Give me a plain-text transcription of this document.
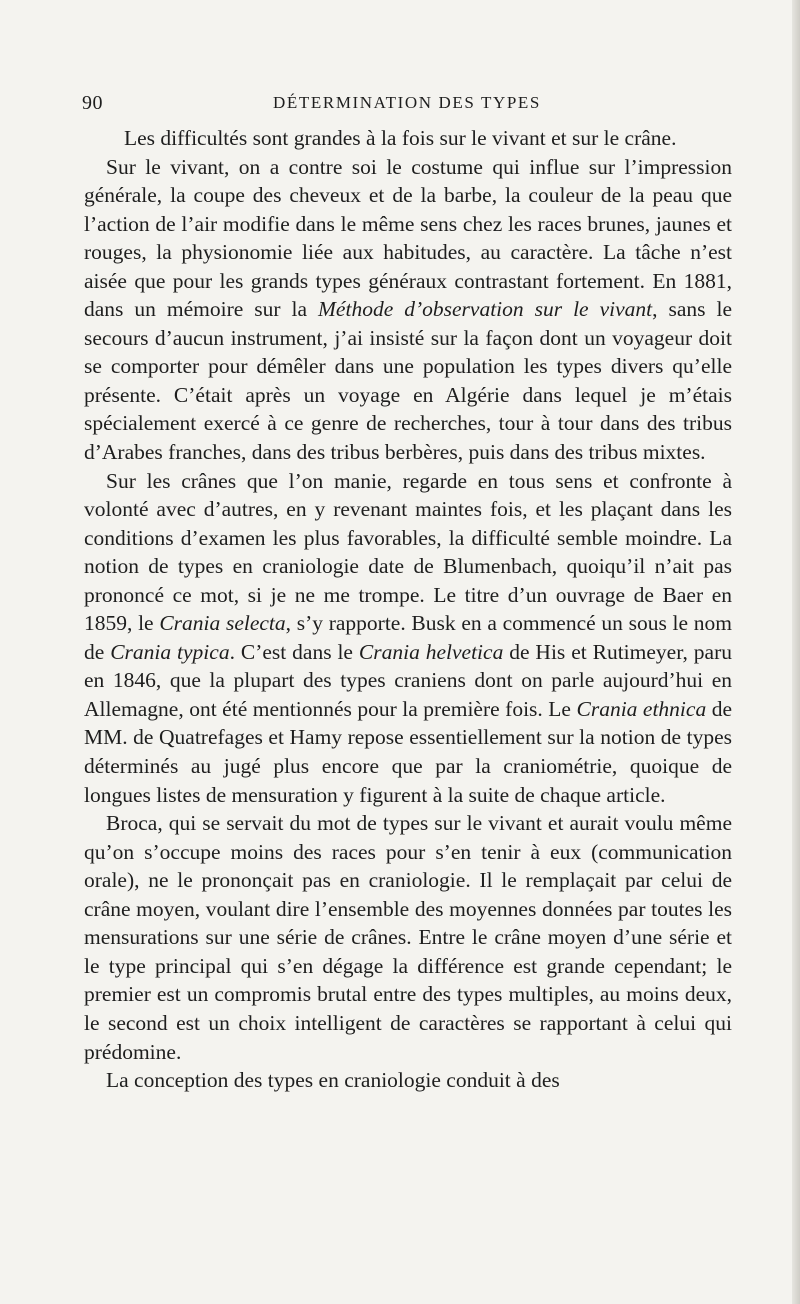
90	DÉTERMINATION DES TYPES

Les difficultés sont grandes à la fois sur le vivant et sur le crâne.

Sur le vivant, on a contre soi le costume qui influe sur l’impression générale, la coupe des cheveux et de la barbe, la couleur de la peau que l’action de l’air modifie dans le même sens chez les races brunes, jaunes et rouges, la physionomie liée aux habitudes, au caractère. La tâche n’est aisée que pour les grands types généraux contrastant fortement. En 1881, dans un mémoire sur la Méthode d’observation sur le vivant, sans le secours d’aucun instrument, j’ai insisté sur la façon dont un voyageur doit se comporter pour démêler dans une population les types divers qu’elle présente. C’était après un voyage en Algérie dans lequel je m’étais spécialement exercé à ce genre de recherches, tour à tour dans des tribus d’Arabes franches, dans des tribus berbères, puis dans des tribus mixtes.

Sur les crânes que l’on manie, regarde en tous sens et confronte à volonté avec d’autres, en y revenant maintes fois, et les plaçant dans les conditions d’examen les plus favorables, la difficulté semble moindre. La notion de types en craniologie date de Blumenbach, quoiqu’il n’ait pas prononcé ce mot, si je ne me trompe. Le titre d’un ouvrage de Baer en 1859, le Crania selecta, s’y rapporte. Busk en a commencé un sous le nom de Crania typica. C’est dans le Crania helvetica de His et Rutimeyer, paru en 1846, que la plupart des types craniens dont on parle aujourd’hui en Allemagne, ont été mentionnés pour la première fois. Le Crania ethnica de MM. de Quatrefages et Hamy repose essentiellement sur la notion de types déterminés au jugé plus encore que par la craniométrie, quoique de longues listes de mensuration y figurent à la suite de chaque article.

Broca, qui se servait du mot de types sur le vivant et aurait voulu même qu’on s’occupe moins des races pour s’en tenir à eux (communication orale), ne le prononçait pas en craniologie. Il le remplaçait par celui de crâne moyen, voulant dire l’ensemble des moyennes données par toutes les mensurations sur une série de crânes. Entre le crâne moyen d’une série et le type principal qui s’en dégage la différence est grande cependant; le premier est un compromis brutal entre des types multiples, au moins deux, le second est un choix intelligent de caractères se rapportant à celui qui prédomine.

La conception des types en craniologie conduit à des
